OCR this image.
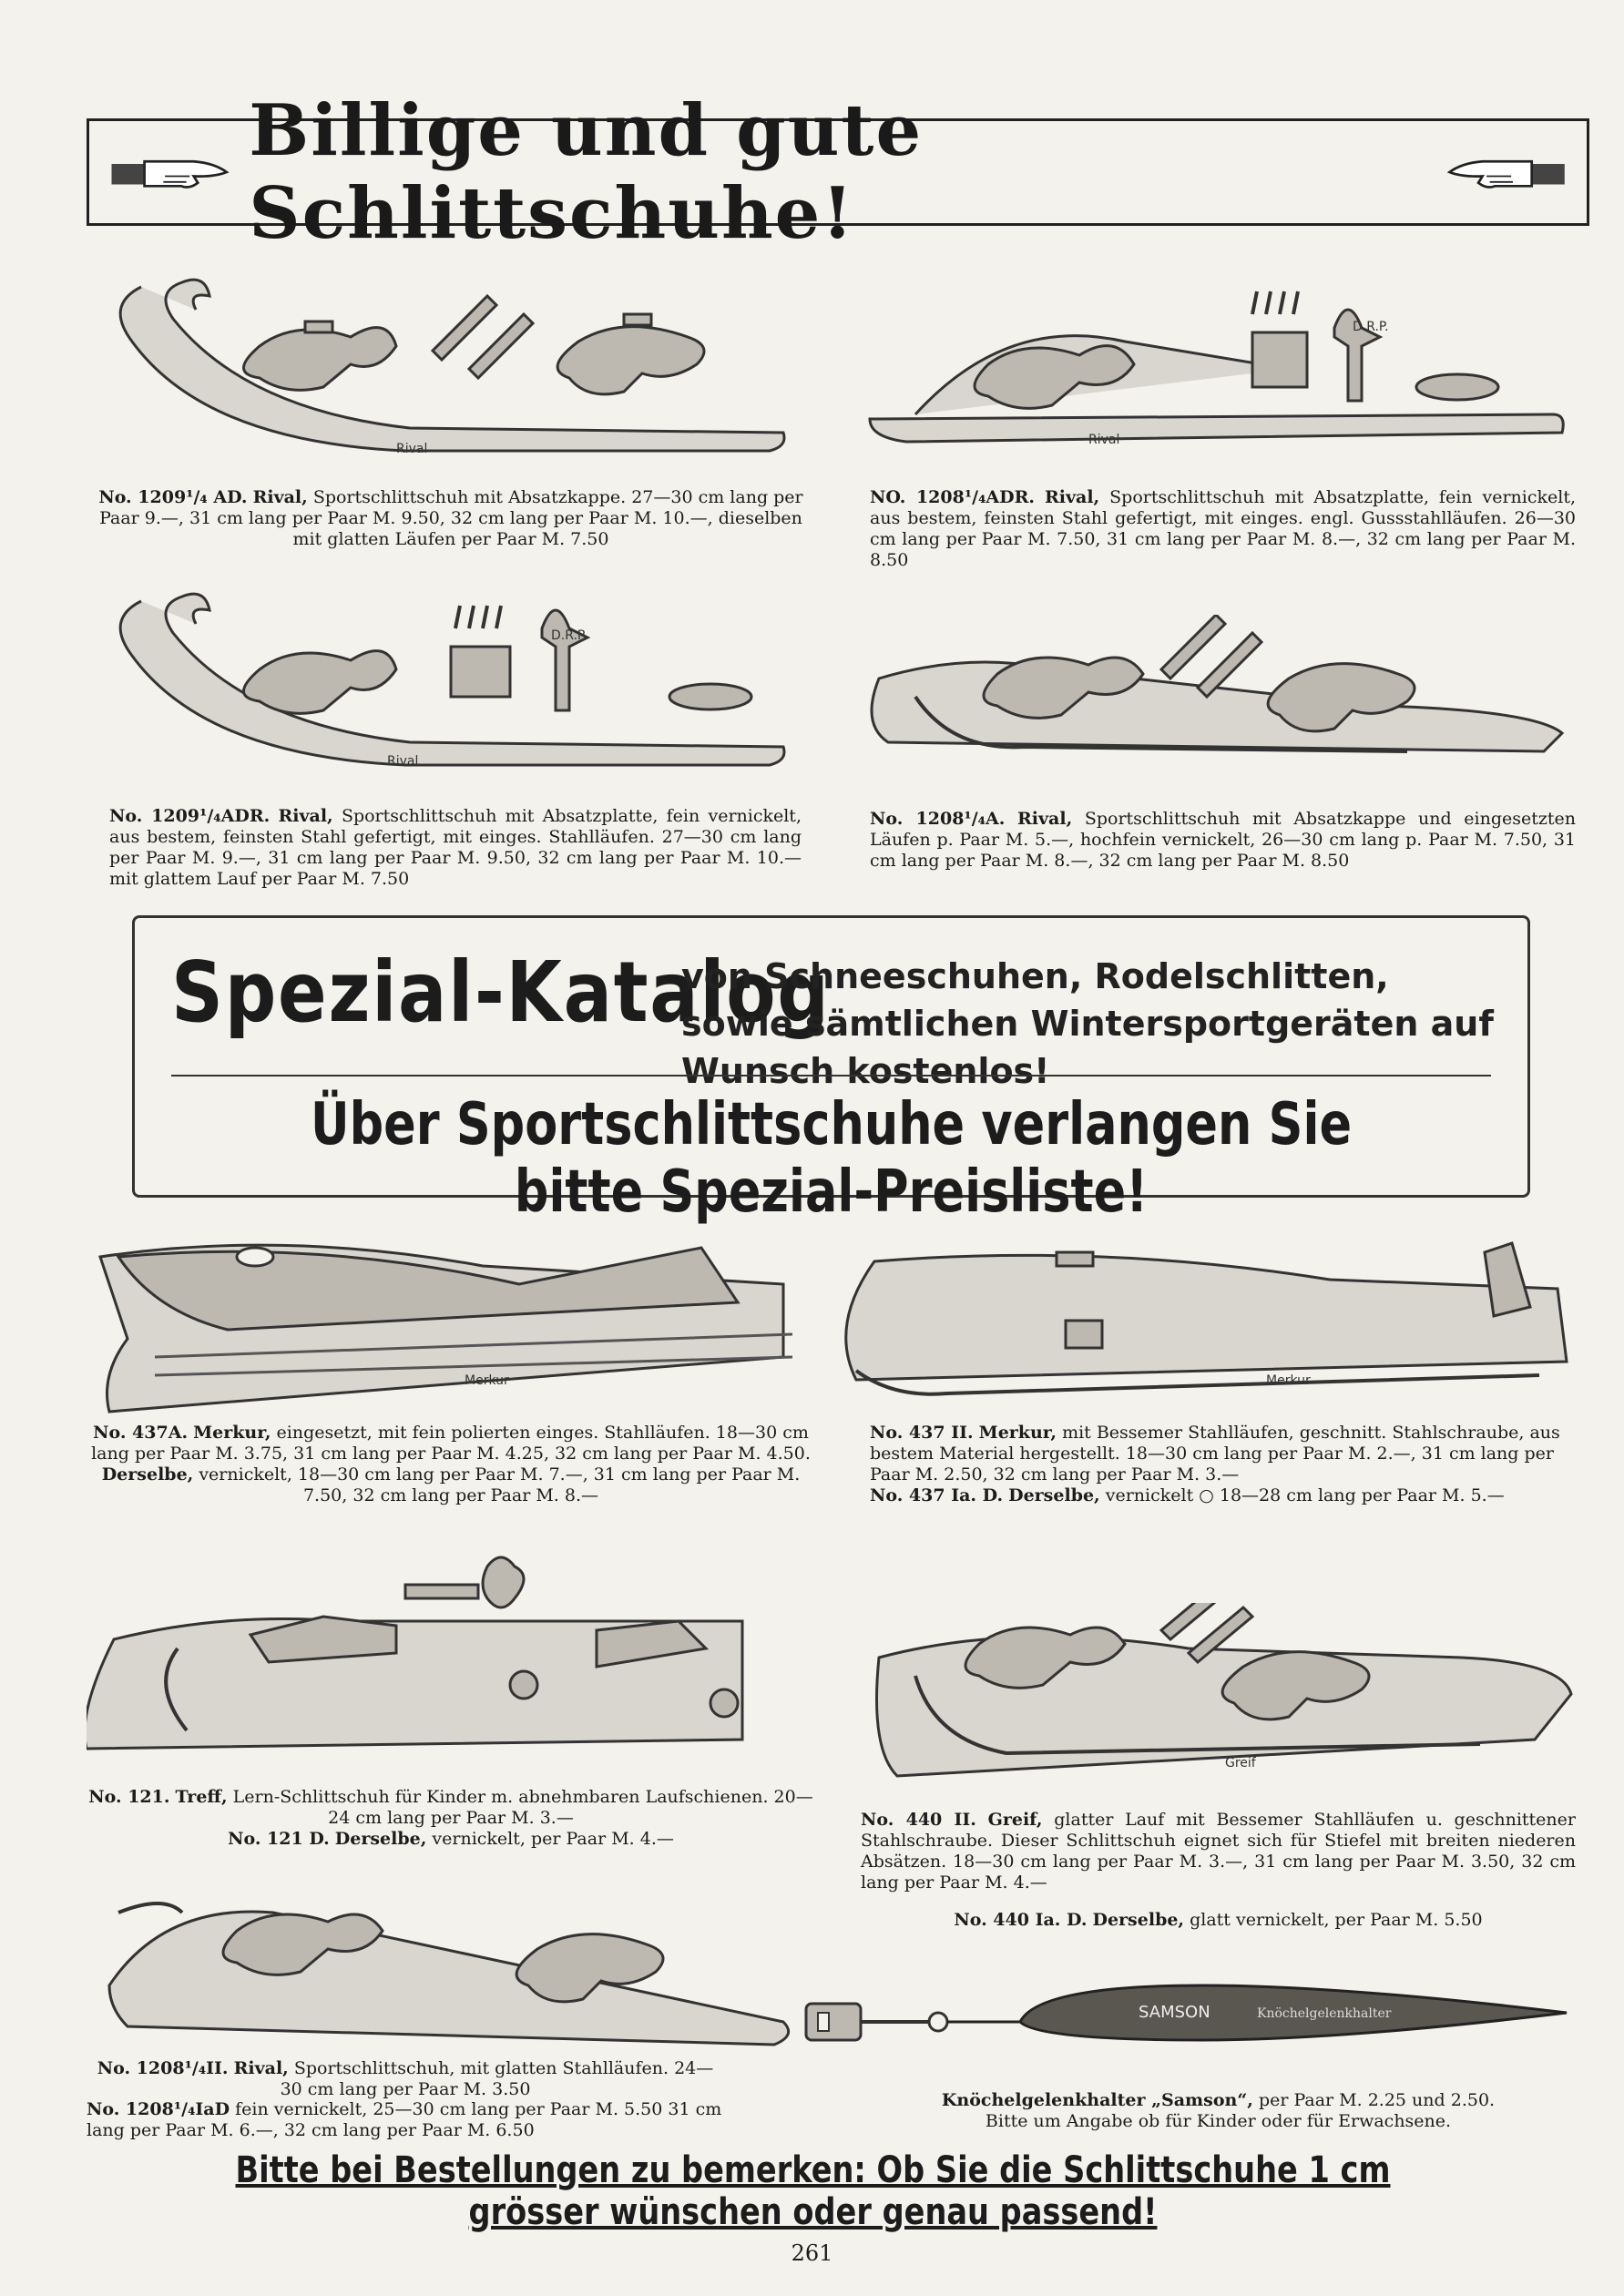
Billige und gute Schlittschuhe!
Rival
No. 1209¹/₄ AD. Rival, Sportschlittschuh mit Absatzkappe. 27—30 cm lang per Paar 9.—, 31 cm lang per Paar M. 9.50, 32 cm lang per Paar M. 10.—, dieselben mit glatten Läufen per Paar M. 7.50
D.R.P.
Rival
NO. 1208¹/₄ADR. Rival, Sportschlittschuh mit Absatzplatte, fein vernickelt, aus bestem, feinsten Stahl gefertigt, mit einges. engl. Gussstahlläufen. 26—30 cm lang per Paar M. 7.50, 31 cm lang per Paar M. 8.—, 32 cm lang per Paar M. 8.50
D.R.P.
Rival
No. 1209¹/₄ADR. Rival, Sportschlittschuh mit Absatzplatte, fein vernickelt, aus bestem, feinsten Stahl gefertigt, mit einges. Stahlläufen. 27—30 cm lang per Paar M. 9.—, 31 cm lang per Paar M. 9.50, 32 cm lang per Paar M. 10.— mit glattem Lauf per Paar M. 7.50
No. 1208¹/₄A. Rival, Sportschlittschuh mit Absatzkappe und eingesetzten Läufen p. Paar M. 5.—, hochfein vernickelt, 26—30 cm lang p. Paar M. 7.50, 31 cm lang per Paar M. 8.—, 32 cm lang per Paar M. 8.50
Spezial-Katalog
von Schneeschuhen, Rodelschlitten, sowie sämtlichen Wintersportgeräten auf Wunsch kostenlos!
Über Sportschlittschuhe verlangen Sie bitte Spezial-Preisliste!
Merkur
No. 437A. Merkur, eingesetzt, mit fein polierten einges. Stahlläufen. 18—30 cm lang per Paar M. 3.75, 31 cm lang per Paar M. 4.25, 32 cm lang per Paar M. 4.50.
Derselbe, vernickelt, 18—30 cm lang per Paar M. 7.—, 31 cm lang per Paar M. 7.50, 32 cm lang per Paar M. 8.—
Merkur
No. 437 II. Merkur, mit Bessemer Stahlläufen, geschnitt. Stahlschraube, aus bestem Material hergestellt. 18—30 cm lang per Paar M. 2.—, 31 cm lang per Paar M. 2.50, 32 cm lang per Paar M. 3.—
No. 437 Ia. D. Derselbe, vernickelt ○ 18—28 cm lang per Paar M. 5.—
No. 121. Treff, Lern-Schlittschuh für Kinder m. abnehmbaren Laufschienen. 20—24 cm lang per Paar M. 3.—
No. 121 D. Derselbe, vernickelt, per Paar M. 4.—
Greif
No. 440 II. Greif, glatter Lauf mit Bessemer Stahlläufen u. geschnittener Stahlschraube. Dieser Schlittschuh eignet sich für Stiefel mit breiten niederen Absätzen. 18—30 cm lang per Paar M. 3.—, 31 cm lang per Paar M. 3.50, 32 cm lang per Paar M. 4.—
No. 440 Ia. D. Derselbe, glatt vernickelt, per Paar M. 5.50
No. 1208¹/₄II. Rival, Sportschlittschuh, mit glatten Stahlläufen. 24—30 cm lang per Paar M. 3.50
No. 1208¹/₄IaD fein vernickelt, 25—30 cm lang per Paar M. 5.50 31 cm lang per Paar M. 6.—, 32 cm lang per Paar M. 6.50
SAMSON	Knöchelgelenkhalter
Knöchelgelenkhalter „Samson“, per Paar M. 2.25 und 2.50.
Bitte um Angabe ob für Kinder oder für Erwachsene.
Bitte bei Bestellungen zu bemerken: Ob Sie die Schlittschuhe 1 cm grösser wünschen oder genau passend!
261
